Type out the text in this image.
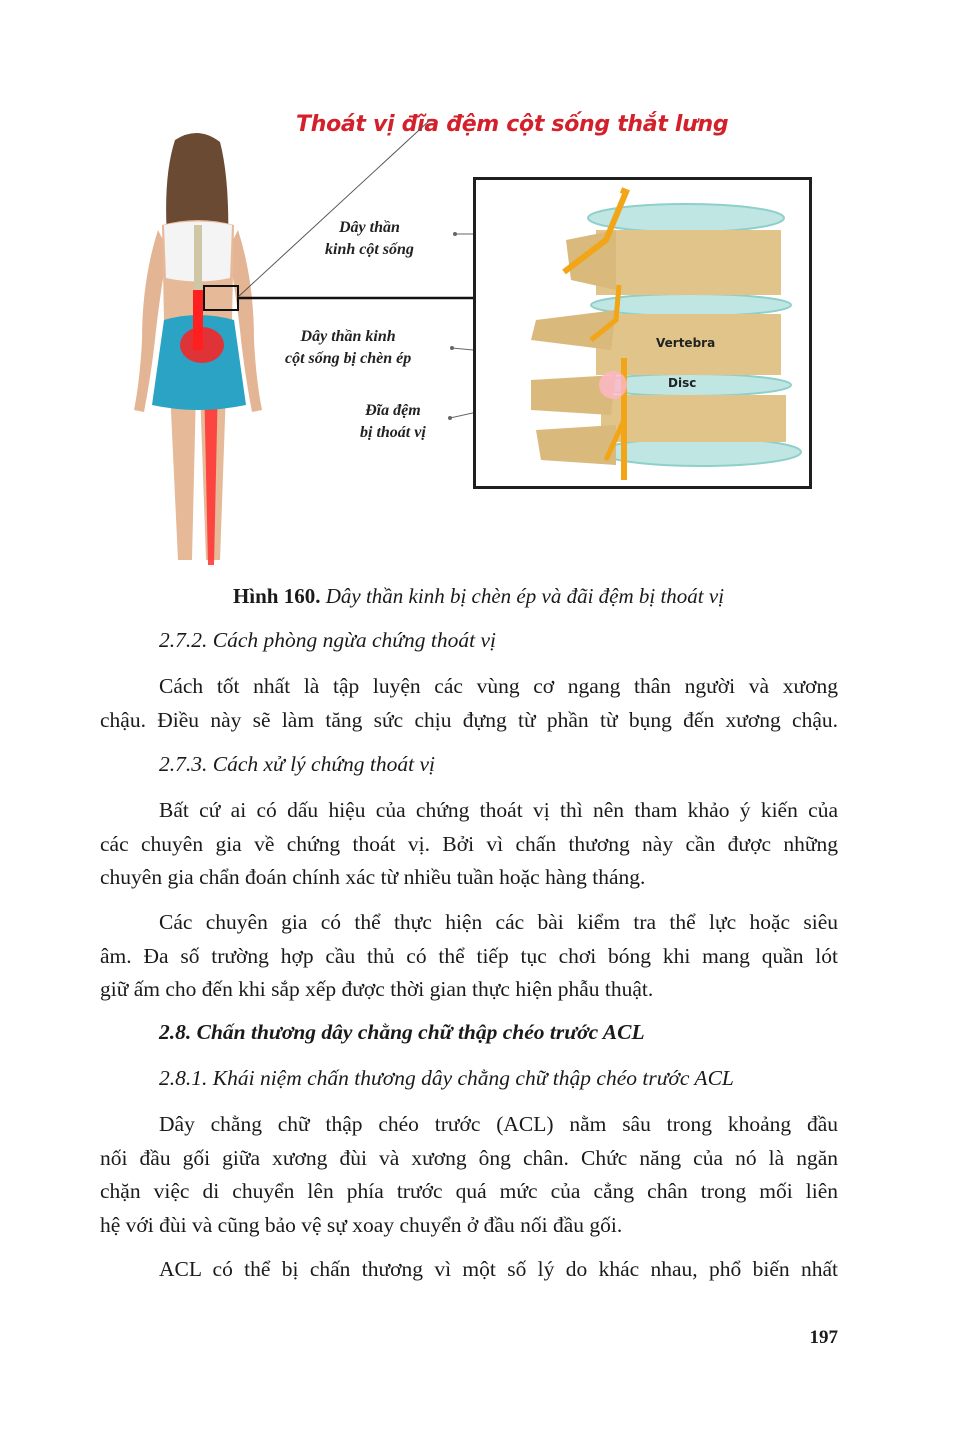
Thoát vị đĩa đệm cột sống thắt lưng
Dây thần
kinh cột sống
Dây thần kinh
cột sống bị chèn ép
Đĩa đệm
bị thoát vị
Vertebra
Disc
Hình 160. Dây thần kinh bị chèn ép và đãi đệm bị thoát vị
2.7.2. Cách phòng ngừa chứng thoát vị
Cách tốt nhất là tập luyện các vùng cơ ngang thân người và xương
chậu. Điều này sẽ làm tăng sức chịu đựng từ phần từ bụng đến xương chậu.
2.7.3. Cách xử lý chứng thoát vị
Bất cứ ai có dấu hiệu của chứng thoát vị thì nên tham khảo ý kiến của
các chuyên gia về chứng thoát vị. Bởi vì chấn thương này cần được những
chuyên gia chẩn đoán chính xác từ nhiều tuần hoặc hàng tháng.
Các chuyên gia có thể thực hiện các bài kiểm tra thể lực hoặc siêu
âm. Đa số trường hợp cầu thủ có thể tiếp tục chơi bóng khi mang quần lót
giữ ấm cho đến khi sắp xếp được thời gian thực hiện phẫu thuật.
2.8. Chấn thương dây chằng chữ thập chéo trước ACL
2.8.1. Khái niệm chấn thương dây chằng chữ thập chéo trước ACL
Dây chằng chữ thập chéo trước (ACL) nằm sâu trong khoảng đầu
nối đầu gối giữa xương đùi và xương ông chân. Chức năng của nó là ngăn
chặn việc di chuyển lên phía trước quá mức của cẳng chân trong mối liên
hệ với đùi và cũng bảo vệ sự xoay chuyển ở đầu nối đầu gối.
ACL có thể bị chấn thương vì một số lý do khác nhau, phổ biến nhất
197
